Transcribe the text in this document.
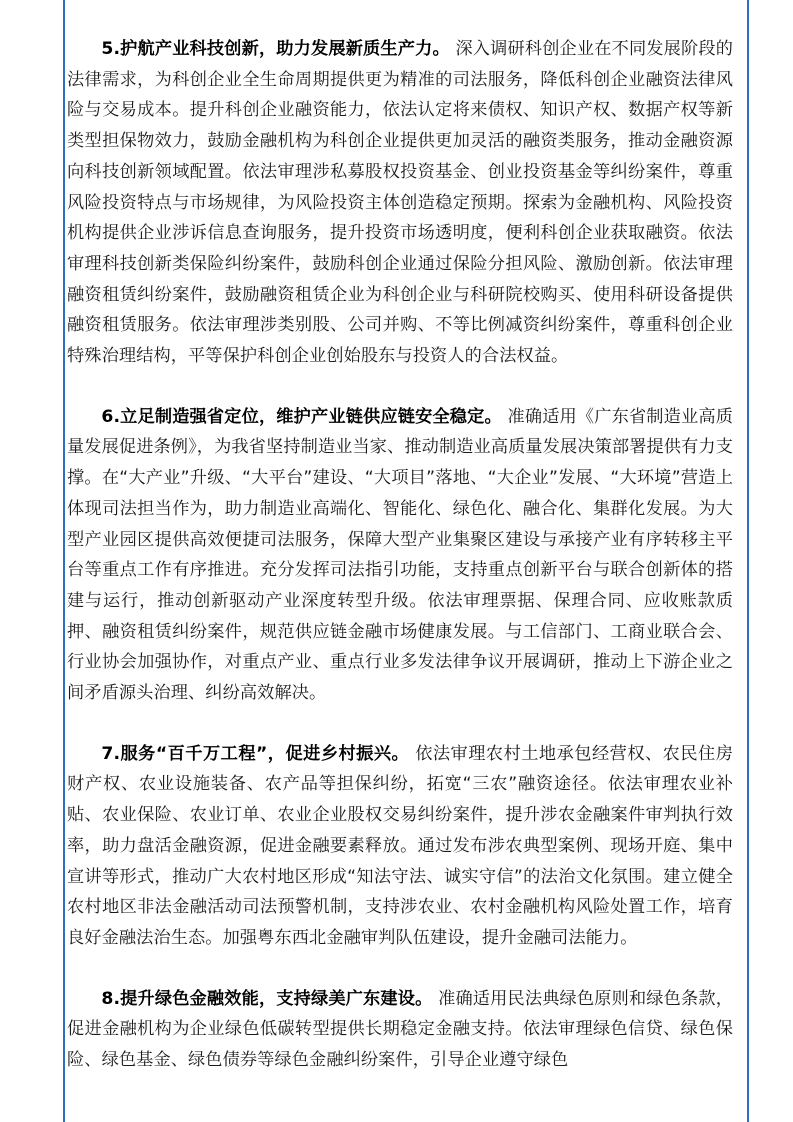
5.护航产业科技创新，助力发展新质生产力。 深入调研科创企业在不同发展阶段的法律需求，为科创企业全生命周期提供更为精准的司法服务，降低科创企业融资法律风险与交易成本。提升科创企业融资能力，依法认定将来债权、知识产权、数据产权等新类型担保物效力，鼓励金融机构为科创企业提供更加灵活的融资类服务，推动金融资源向科技创新领域配置。依法审理涉私募股权投资基金、创业投资基金等纠纷案件，尊重风险投资特点与市场规律，为风险投资主体创造稳定预期。探索为金融机构、风险投资机构提供企业涉诉信息查询服务，提升投资市场透明度，便利科创企业获取融资。依法审理科技创新类保险纠纷案件，鼓励科创企业通过保险分担风险、激励创新。依法审理融资租赁纠纷案件，鼓励融资租赁企业为科创企业与科研院校购买、使用科研设备提供融资租赁服务。依法审理涉类别股、公司并购、不等比例减资纠纷案件，尊重科创企业特殊治理结构，平等保护科创企业创始股东与投资人的合法权益。

6.立足制造强省定位，维护产业链供应链安全稳定。 准确适用《广东省制造业高质量发展促进条例》，为我省坚持制造业当家、推动制造业高质量发展决策部署提供有力支撑。在“大产业”升级、“大平台”建设、“大项目”落地、“大企业”发展、“大环境”营造上体现司法担当作为，助力制造业高端化、智能化、绿色化、融合化、集群化发展。为大型产业园区提供高效便捷司法服务，保障大型产业集聚区建设与承接产业有序转移主平台等重点工作有序推进。充分发挥司法指引功能，支持重点创新平台与联合创新体的搭建与运行，推动创新驱动产业深度转型升级。依法审理票据、保理合同、应收账款质押、融资租赁纠纷案件，规范供应链金融市场健康发展。与工信部门、工商业联合会、行业协会加强协作，对重点产业、重点行业多发法律争议开展调研，推动上下游企业之间矛盾源头治理、纠纷高效解决。

7.服务“百千万工程”，促进乡村振兴。 依法审理农村土地承包经营权、农民住房财产权、农业设施装备、农产品等担保纠纷，拓宽“三农”融资途径。依法审理农业补贴、农业保险、农业订单、农业企业股权交易纠纷案件，提升涉农金融案件审判执行效率，助力盘活金融资源，促进金融要素释放。通过发布涉农典型案例、现场开庭、集中宣讲等形式，推动广大农村地区形成“知法守法、诚实守信”的法治文化氛围。建立健全农村地区非法金融活动司法预警机制，支持涉农业、农村金融机构风险处置工作，培育良好金融法治生态。加强粤东西北金融审判队伍建设，提升金融司法能力。

8.提升绿色金融效能，支持绿美广东建设。 准确适用民法典绿色原则和绿色条款，促进金融机构为企业绿色低碳转型提供长期稳定金融支持。依法审理绿色信贷、绿色保险、绿色基金、绿色债券等绿色金融纠纷案件，引导企业遵守绿色
